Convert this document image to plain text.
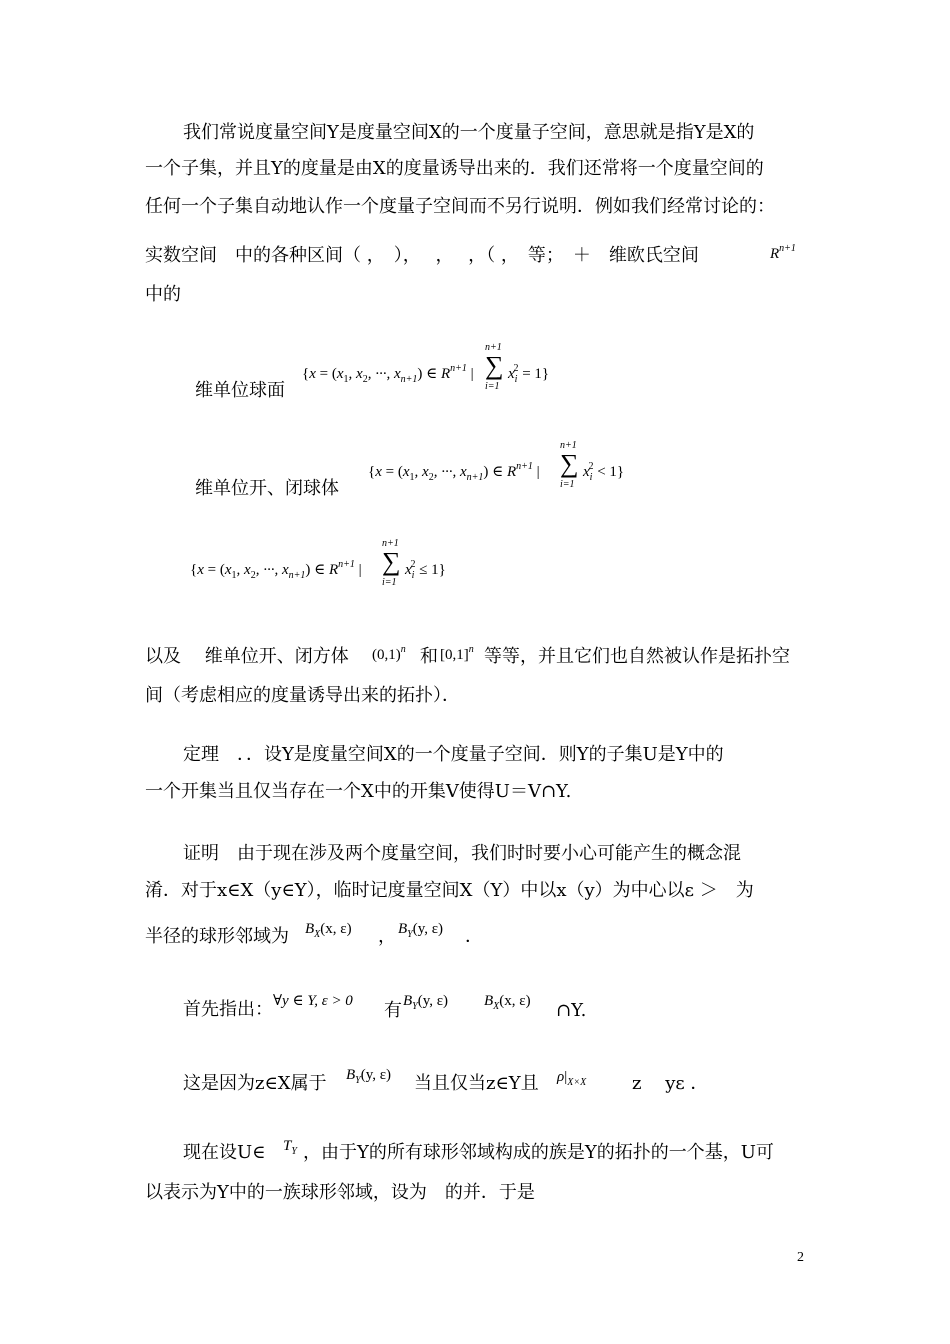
我们常说度量空间Y是度量空间X的一个度量子空间，意思就是指Y是X的
一个子集，并且Y的度量是由X的度量诱导出来的．我们还常将一个度量空间的
任何一个子集自动地认作一个度量子空间而不另行说明．例如我们经常讨论的：
实数空间　中的各种区间（ ，　），　 ，　 ，（ ，　等；　＋　维欧氏空间	$R^{n+1}$
中的
{$x = (x_1$, $x_2$, ···, $x_{n+1}$) ∈ $R^{n+1}$ |
n+1
∑
i=1
$x_i^2 = 1$}
维单位球面
{$x = (x_1$, $x_2$, ···, $x_{n+1}$) ∈ $R^{n+1}$ |
n+1
∑
i=1
$x_i^2 < 1$}
维单位开、闭球体
{$x = (x_1$, $x_2$, ···, $x_{n+1}$) ∈ $R^{n+1}$ |
n+1
∑
i=1
$x_i^2 \le 1$}
以及　 维单位开、闭方体 $(0,1)^n$ 和 $[0,1]^n$ 等等，并且它们也自然被认作是拓扑空
间（考虑相应的度量诱导出来的拓扑）．
定理　．．设Y是度量空间X的一个度量子空间．则Y的子集U是Y中的
一个开集当且仅当存在一个X中的开集V使得U＝V∩Y.
证明　由于现在涉及两个度量空间，我们时时要小心可能产生的概念混
淆．对于x∈X（y∈Y），临时记度量空间X（Y）中以x（y）为中心以ε ＞　为
半径的球形邻域为 $B_X(x$, ε) ， $B_Y(y$, ε) ．
首先指出： ∀y ∈ Y, ε > 0 有 $B_Y(y$, ε) $B_X(x$, ε) ∩Y.
这是因为z∈X属于 $B_Y(y$, ε) 当且仅当z∈Y且 $\rho|_{X\times X}$	z　 yε ．
现在设U∈ $T_Y$ ，由于Y的所有球形邻域构成的族是Y的拓扑的一个基，U可
以表示为Y中的一族球形邻域，设为　的并．于是
2
